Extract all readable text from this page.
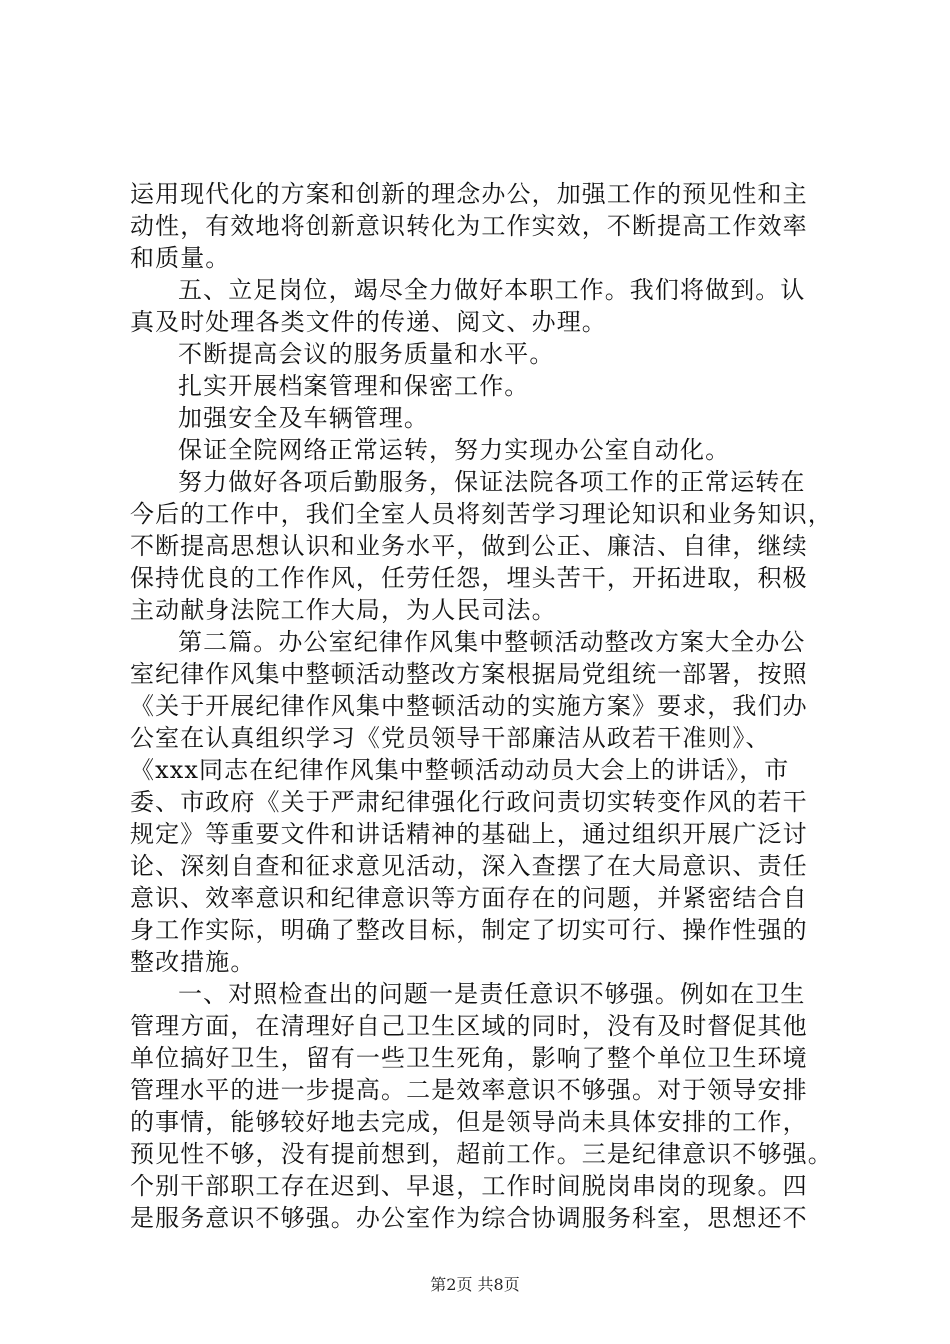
运用现代化的方案和创新的理念办公，加强工作的预见性和主
动性，有效地将创新意识转化为工作实效，不断提高工作效率
和质量。
五、立足岗位，竭尽全力做好本职工作。我们将做到。认
真及时处理各类文件的传递、阅文、办理。
不断提高会议的服务质量和水平。
扎实开展档案管理和保密工作。
加强安全及车辆管理。
保证全院网络正常运转，努力实现办公室自动化。
努力做好各项后勤服务，保证法院各项工作的正常运转在
今后的工作中，我们全室人员将刻苦学习理论知识和业务知识，
不断提高思想认识和业务水平，做到公正、廉洁、自律，继续
保持优良的工作作风，任劳任怨，埋头苦干，开拓进取，积极
主动献身法院工作大局，为人民司法。
第二篇。办公室纪律作风集中整顿活动整改方案大全办公
室纪律作风集中整顿活动整改方案根据局党组统一部署，按照
《关于开展纪律作风集中整顿活动的实施方案》要求，我们办
公室在认真组织学习《党员领导干部廉洁从政若干准则》、
《xxx同志在纪律作风集中整顿活动动员大会上的讲话》，市
委、市政府《关于严肃纪律强化行政问责切实转变作风的若干
规定》等重要文件和讲话精神的基础上，通过组织开展广泛讨
论、深刻自查和征求意见活动，深入查摆了在大局意识、责任
意识、效率意识和纪律意识等方面存在的问题，并紧密结合自
身工作实际，明确了整改目标，制定了切实可行、操作性强的
整改措施。
一、对照检查出的问题一是责任意识不够强。例如在卫生
管理方面，在清理好自己卫生区域的同时，没有及时督促其他
单位搞好卫生，留有一些卫生死角，影响了整个单位卫生环境
管理水平的进一步提高。二是效率意识不够强。对于领导安排
的事情，能够较好地去完成，但是领导尚未具体安排的工作，
预见性不够，没有提前想到，超前工作。三是纪律意识不够强。
个别干部职工存在迟到、早退，工作时间脱岗串岗的现象。四
是服务意识不够强。办公室作为综合协调服务科室，思想还不
第2页 共8页
